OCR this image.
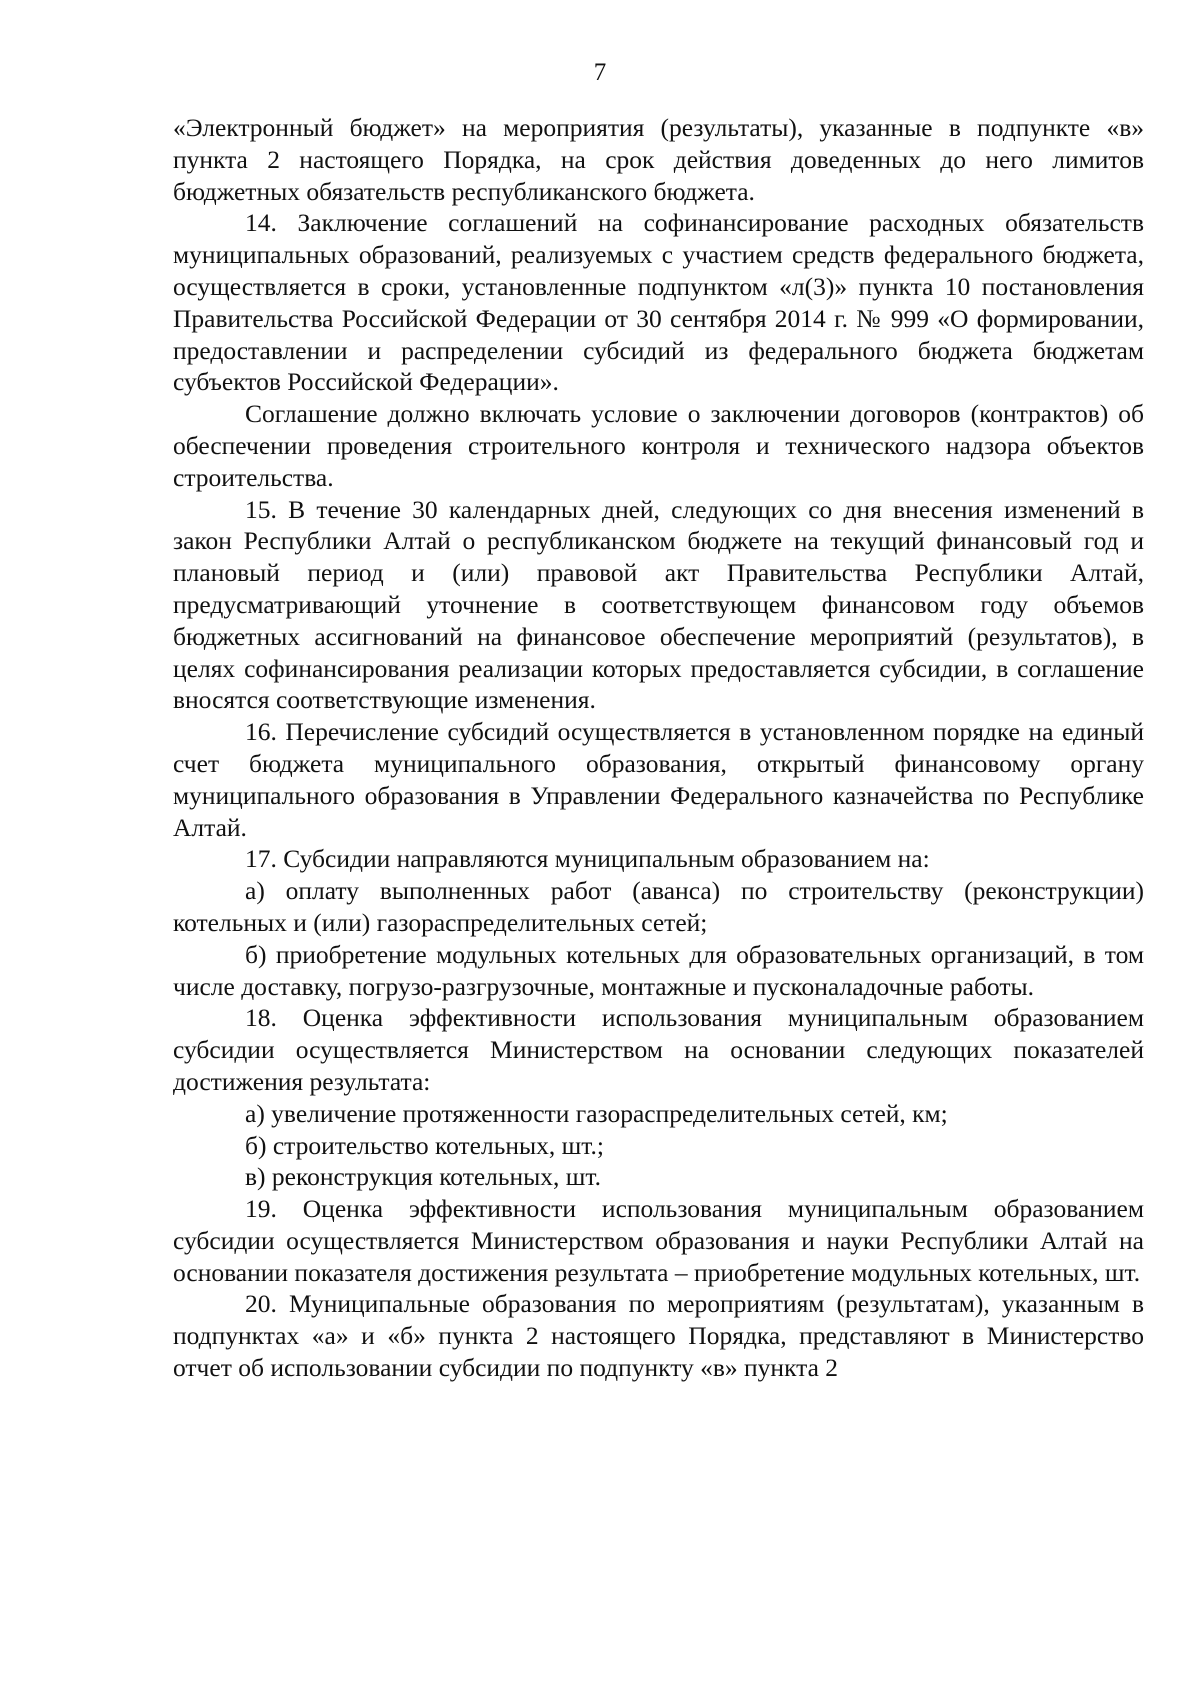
7

«Электронный бюджет» на мероприятия (результаты), указанные в подпункте «в» пункта 2 настоящего Порядка, на срок действия доведенных до него лимитов бюджетных обязательств республиканского бюджета.

14. Заключение соглашений на софинансирование расходных обязательств муниципальных образований, реализуемых с участием средств федерального бюджета, осуществляется в сроки, установленные подпунктом «л(3)» пункта 10 постановления Правительства Российской Федерации от 30 сентября 2014 г. № 999 «О формировании, предоставлении и распределении субсидий из федерального бюджета бюджетам субъектов Российской Федерации».

Соглашение должно включать условие о заключении договоров (контрактов) об обеспечении проведения строительного контроля и технического надзора объектов строительства.

15. В течение 30 календарных дней, следующих со дня внесения изменений в закон Республики Алтай о республиканском бюджете на текущий финансовый год и плановый период и (или) правовой акт Правительства Республики Алтай, предусматривающий уточнение в соответствующем финансовом году объемов бюджетных ассигнований на финансовое обеспечение мероприятий (результатов), в целях софинансирования реализации которых предоставляется субсидии, в соглашение вносятся соответствующие изменения.

16. Перечисление субсидий осуществляется в установленном порядке на единый счет бюджета муниципального образования, открытый финансовому органу муниципального образования в Управлении Федерального казначейства по Республике Алтай.

17. Субсидии направляются муниципальным образованием на:

а) оплату выполненных работ (аванса) по строительству (реконструкции) котельных и (или) газораспределительных сетей;

б) приобретение модульных котельных для образовательных организаций, в том числе доставку, погрузо-разгрузочные, монтажные и пусконаладочные работы.

18. Оценка эффективности использования муниципальным образованием субсидии осуществляется Министерством на основании следующих показателей достижения результата:

а) увеличение протяженности газораспределительных сетей, км;

б) строительство котельных, шт.;

в) реконструкция котельных, шт.

19. Оценка эффективности использования муниципальным образованием субсидии осуществляется Министерством образования и науки Республики Алтай на основании показателя достижения результата – приобретение модульных котельных, шт.

20. Муниципальные образования по мероприятиям (результатам), указанным в подпунктах «а» и «б» пункта 2 настоящего Порядка, представляют в Министерство отчет об использовании субсидии по подпункту «в» пункта 2
